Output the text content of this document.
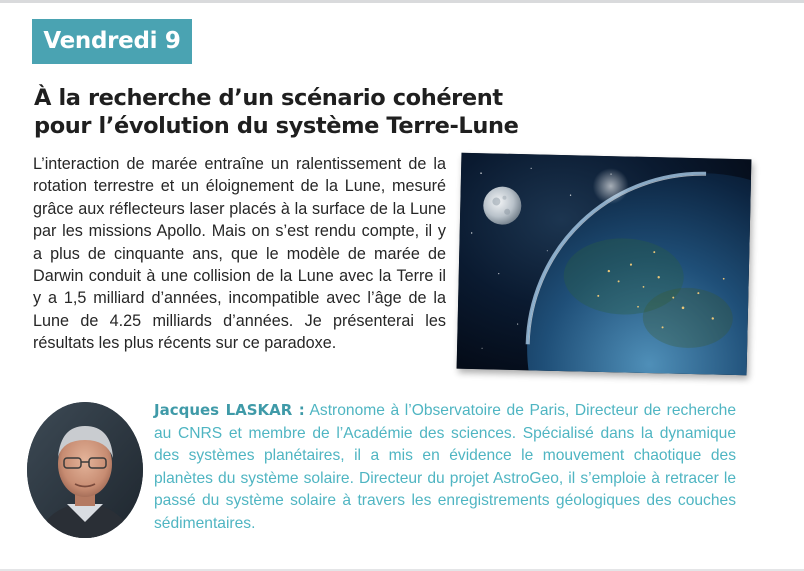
Vendredi 9
À la recherche d’un scénario cohérent
pour l’évolution du système Terre-Lune

L’interaction de marée entraîne un ralentissement de la rotation terrestre et un éloignement de la Lune, mesuré grâce aux réflecteurs laser placés à la surface de la Lune par les missions Apollo. Mais on s’est rendu compte, il y a plus de cinquante ans, que le modèle de marée de Darwin conduit à une collision de la Lune avec la Terre il y a 1,5 milliard d’années, incompatible avec l’âge de la Lune de 4.25 milliards d’années. Je présenterai les résultats les plus récents sur ce paradoxe.

Jacques LASKAR : Astronome à l’Observatoire de Paris, Directeur de recherche au CNRS et membre de l’Académie des sciences. Spécialisé dans la dynamique des systèmes planétaires, il a mis en évidence le mouvement chaotique des planètes du système solaire. Directeur du projet AstroGeo, il s’emploie à retracer le passé du système solaire à travers les enregistrements géologiques des couches sédimentaires.
